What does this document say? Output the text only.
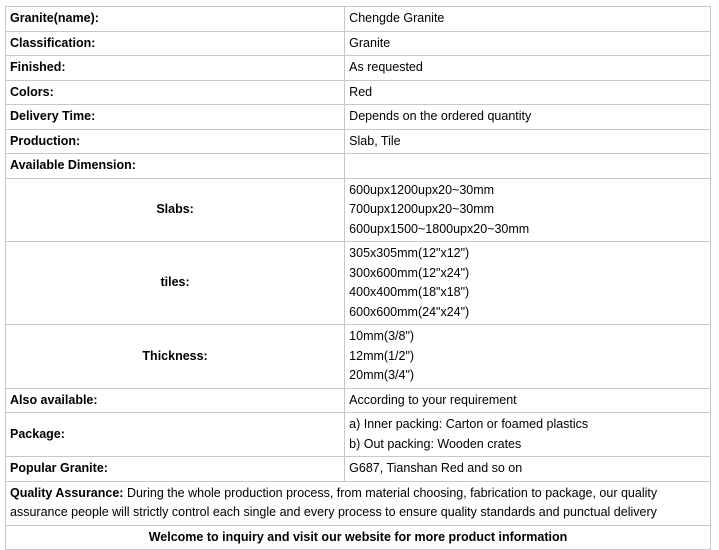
Granite(name):	Chengde Granite
Classification:	Granite
Finished:	As requested
Colors:	Red
Delivery Time:	Depends on the ordered quantity
Production:	Slab, Tile
Available Dimension:	
Slabs:	600upx1200upx20~30mm
700upx1200upx20~30mm
600upx1500~1800upx20~30mm

tiles:	305x305mm(12"x12")
300x600mm(12"x24")
400x400mm(18"x18")
600x600mm(24"x24")

Thickness:	10mm(3/8")
12mm(1/2")
20mm(3/4")

Also available:	According to your requirement
Package:	a) Inner packing: Carton or foamed plastics
b) Out packing: Wooden crates

Popular Granite:	G687, Tianshan Red and so on
Quality Assurance: During the whole production process, from material choosing, fabrication to package, our quality assurance people will strictly control each single and every process to ensure quality standards and punctual delivery	
Welcome to inquiry and visit our website for more product information	
